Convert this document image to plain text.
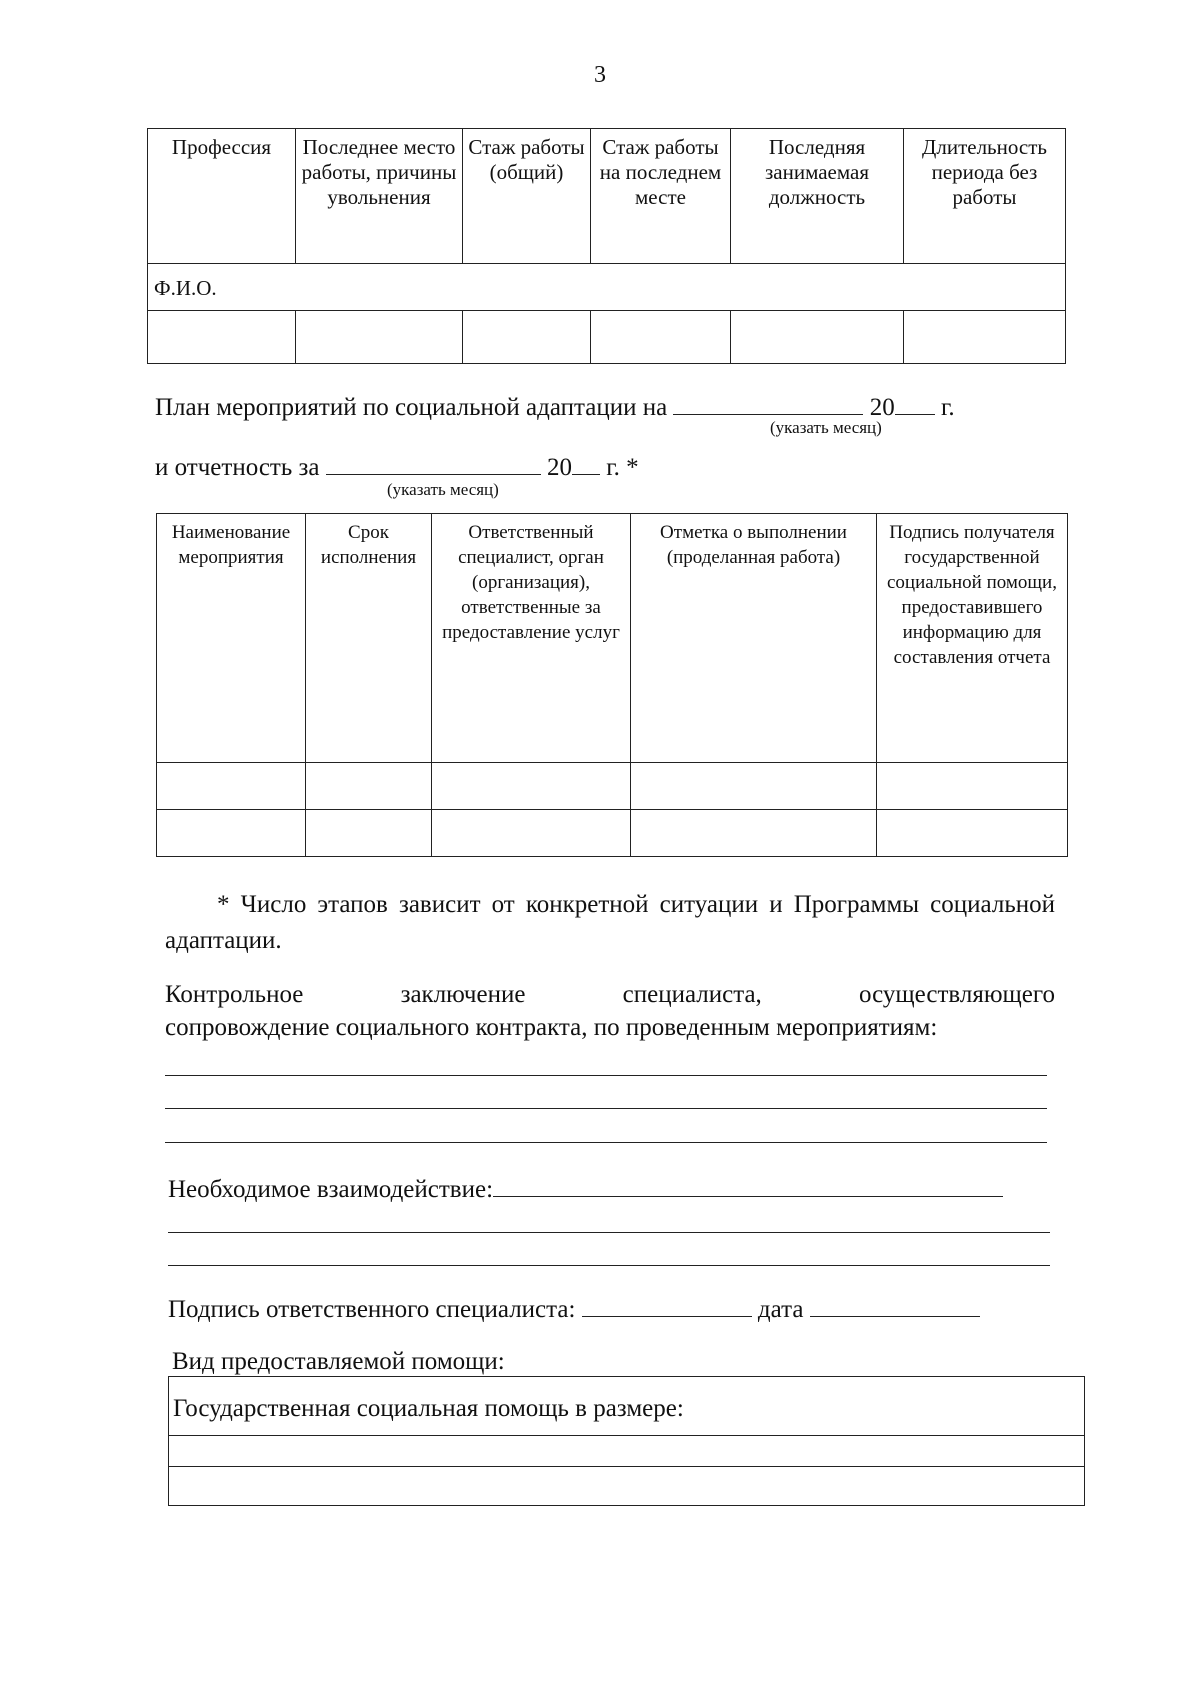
3
Профессия	Последнее место работы, причины увольнения	Стаж работы (общий)	Стаж работы на последнем месте	Последняя занимаемая должность	Длительность периода без работы
Ф.И.О.					

План мероприятий по социальной адаптации на	20 г.
(указать месяц)
и отчетность за	20 г. *
(указать месяц)
Наименование мероприятия	Срок исполнения	Ответственный специалист, орган (организация), ответственные за предоставление услуг	Отметка о выполнении (проделанная работа)	Подпись получателя государственной социальной помощи, предоставившего информацию для составления отчета

* Число этапов зависит от конкретной ситуации и Программы социальной адаптации.
Контрольное	заключение	специалиста,	осуществляющего
сопровождение социального контракта, по проведенным мероприятиям:
Необходимое взаимодействие:
Подпись ответственного специалиста:	дата
Вид предоставляемой помощи:
Государственная социальная помощь в размере:
